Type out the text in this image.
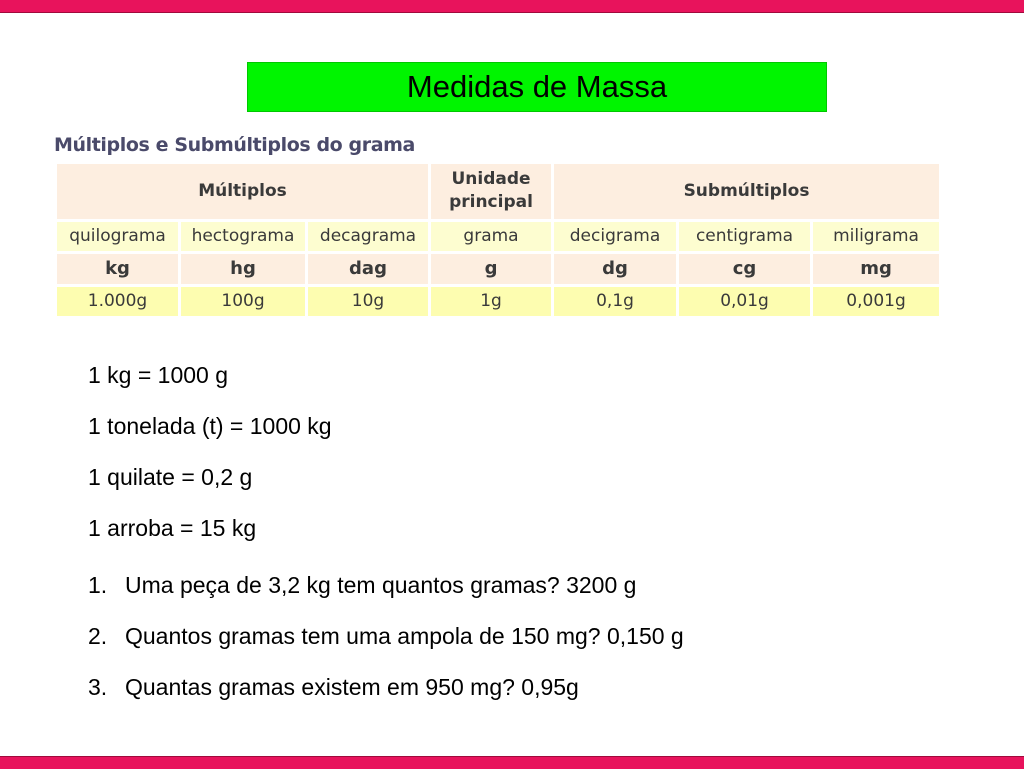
Medidas de Massa
Múltiplos e Submúltiplos do grama
Múltiplos			Unidade principal	Submúltiplos		
quilograma	hectograma	decagrama	grama	decigrama	centigrama	miligrama
kg	hg	dag	g	dg	cg	mg
1.000g	100g	10g	1g	0,1g	0,01g	0,001g
1 kg = 1000 g
1 tonelada (t) = 1000 kg
1 quilate = 0,2 g
1 arroba = 15 kg
1. Uma peça de 3,2 kg tem quantos gramas? 3200 g
2. Quantos gramas tem uma ampola de 150 mg? 0,150 g
3. Quantas gramas existem em 950 mg? 0,95g
